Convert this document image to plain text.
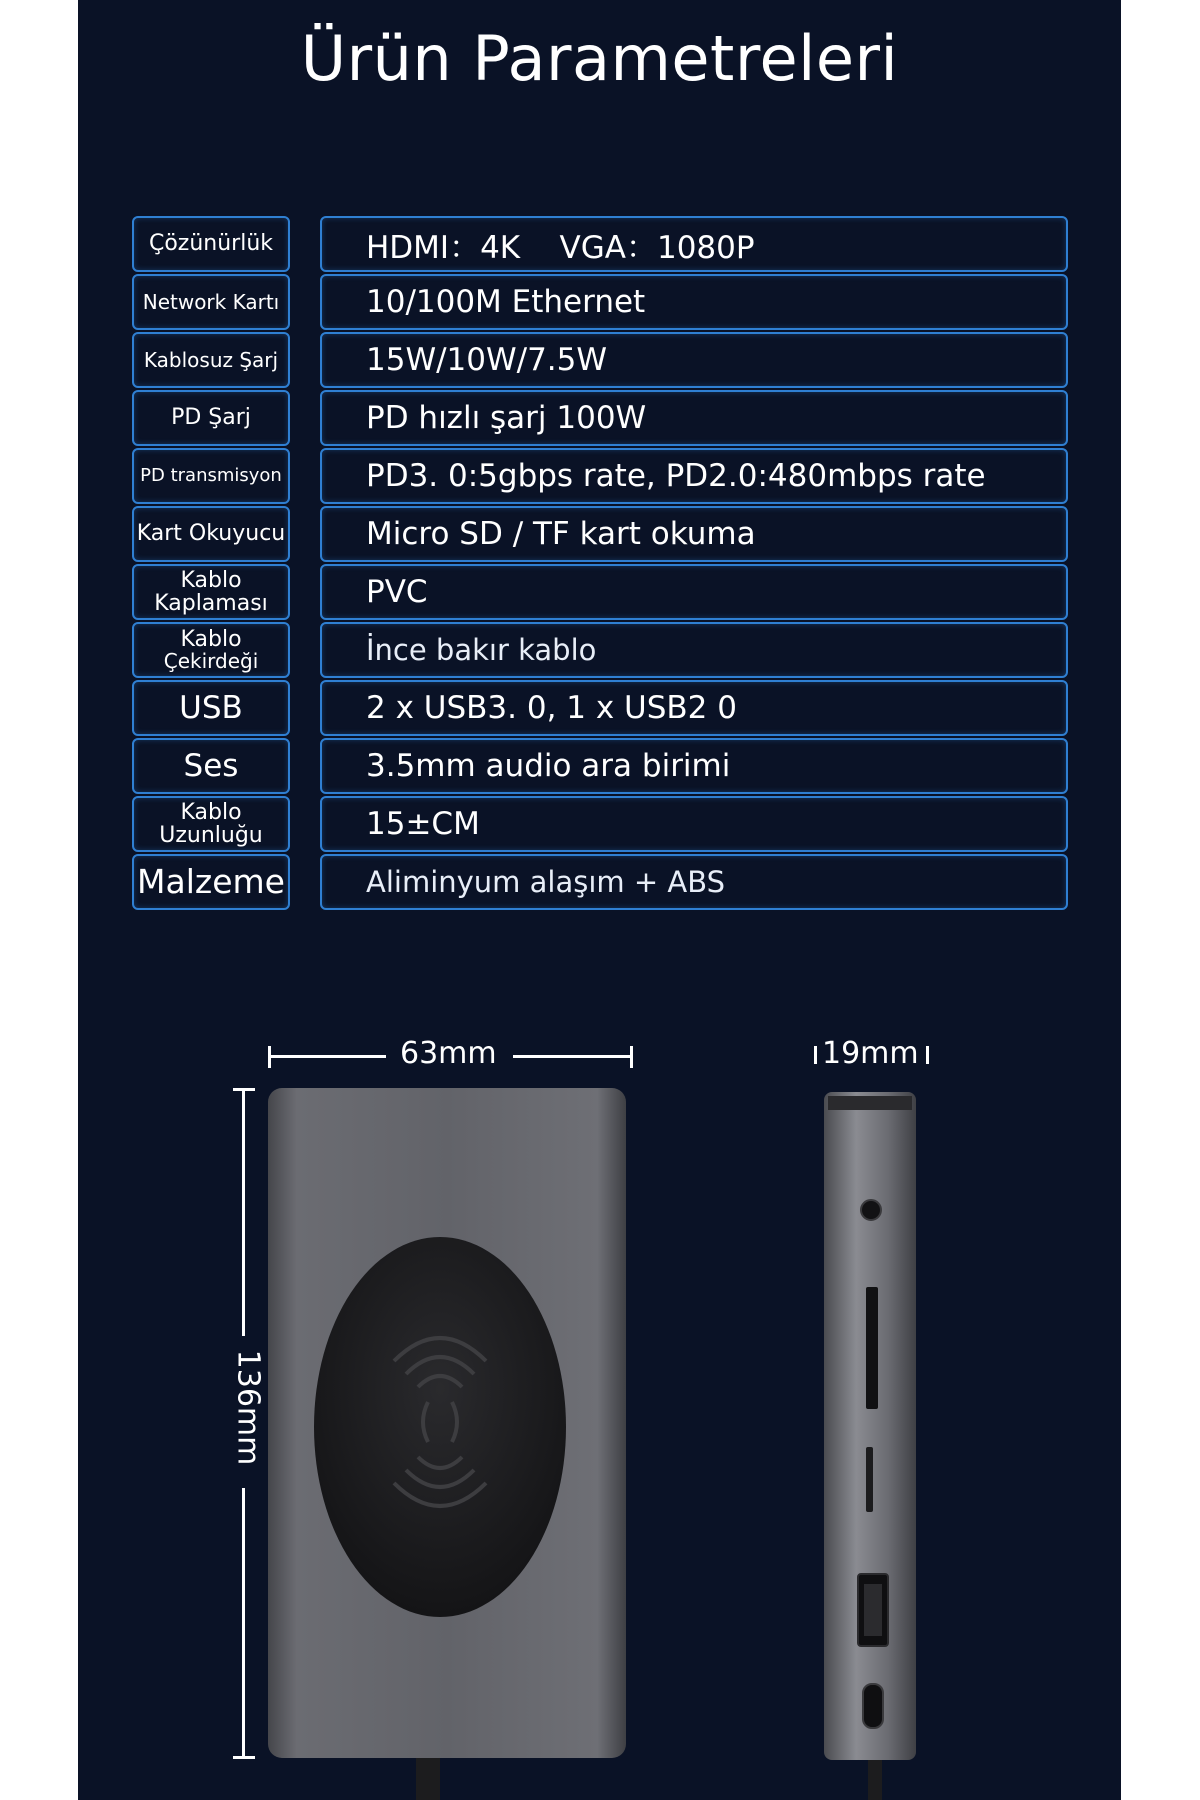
Ürün Parametreleri
Çözünürlük	HDMI：4K    VGA：1080P
Network Kartı	10/100M Ethernet
Kablosuz Şarj	15W/10W/7.5W
PD Şarj	PD hızlı şarj 100W
PD transmisyon	PD3. 0:5gbps rate, PD2.0:480mbps rate
Kart Okuyucu	Micro SD / TF kart okuma
Kablo
Kaplaması	PVC
Kablo
Çekirdeği	İnce bakır kablo
USB	2 x USB3. 0, 1 x USB2 0
Ses	3.5mm audio ara birimi
Kablo
Uzunluğu	15±CM
Malzeme	Aliminyum alaşım + ABS
63mm	19mm
136mm
